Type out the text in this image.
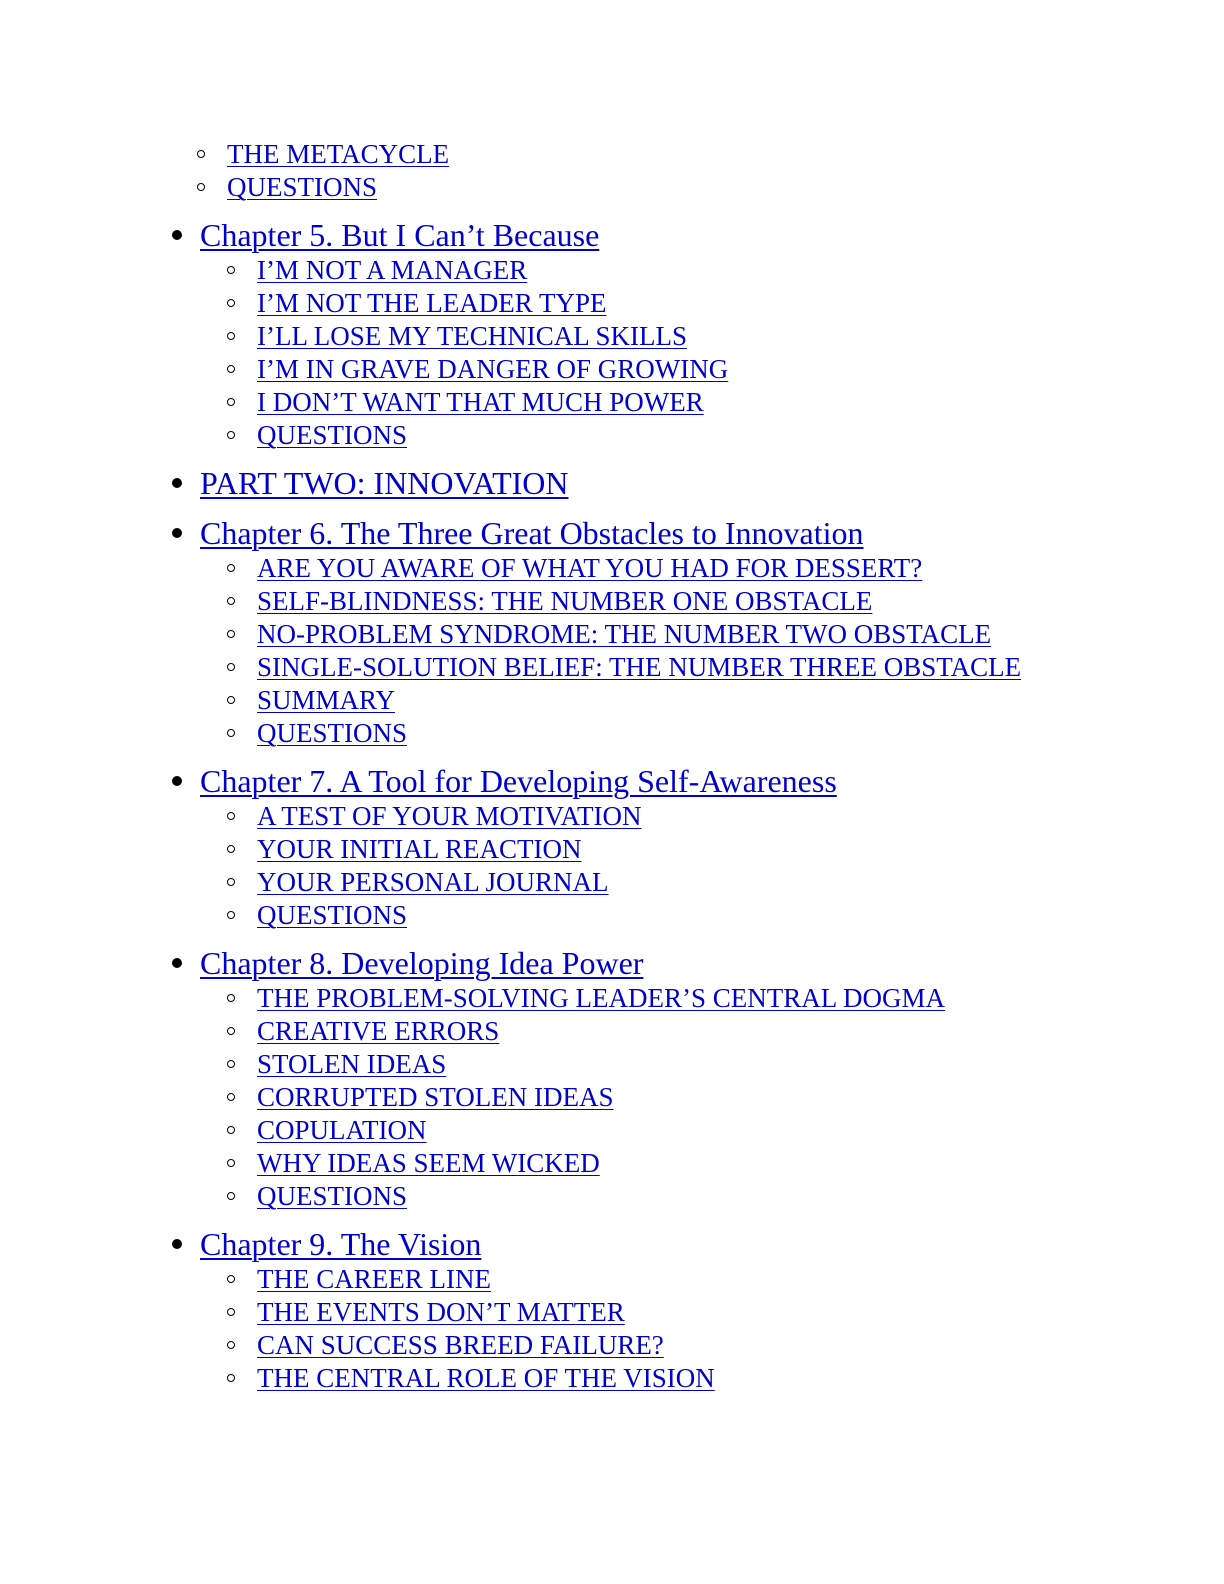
THE METACYCLE
QUESTIONS
Chapter 5. But I Can’t Because
I’M NOT A MANAGER
I’M NOT THE LEADER TYPE
I’LL LOSE MY TECHNICAL SKILLS
I’M IN GRAVE DANGER OF GROWING
I DON’T WANT THAT MUCH POWER
QUESTIONS
PART TWO: INNOVATION
Chapter 6. The Three Great Obstacles to Innovation
ARE YOU AWARE OF WHAT YOU HAD FOR DESSERT?
SELF-BLINDNESS: THE NUMBER ONE OBSTACLE
NO-PROBLEM SYNDROME: THE NUMBER TWO OBSTACLE
SINGLE-SOLUTION BELIEF: THE NUMBER THREE OBSTACLE
SUMMARY
QUESTIONS
Chapter 7. A Tool for Developing Self-Awareness
A TEST OF YOUR MOTIVATION
YOUR INITIAL REACTION
YOUR PERSONAL JOURNAL
QUESTIONS
Chapter 8. Developing Idea Power
THE PROBLEM-SOLVING LEADER’S CENTRAL DOGMA
CREATIVE ERRORS
STOLEN IDEAS
CORRUPTED STOLEN IDEAS
COPULATION
WHY IDEAS SEEM WICKED
QUESTIONS
Chapter 9. The Vision
THE CAREER LINE
THE EVENTS DON’T MATTER
CAN SUCCESS BREED FAILURE?
THE CENTRAL ROLE OF THE VISION
